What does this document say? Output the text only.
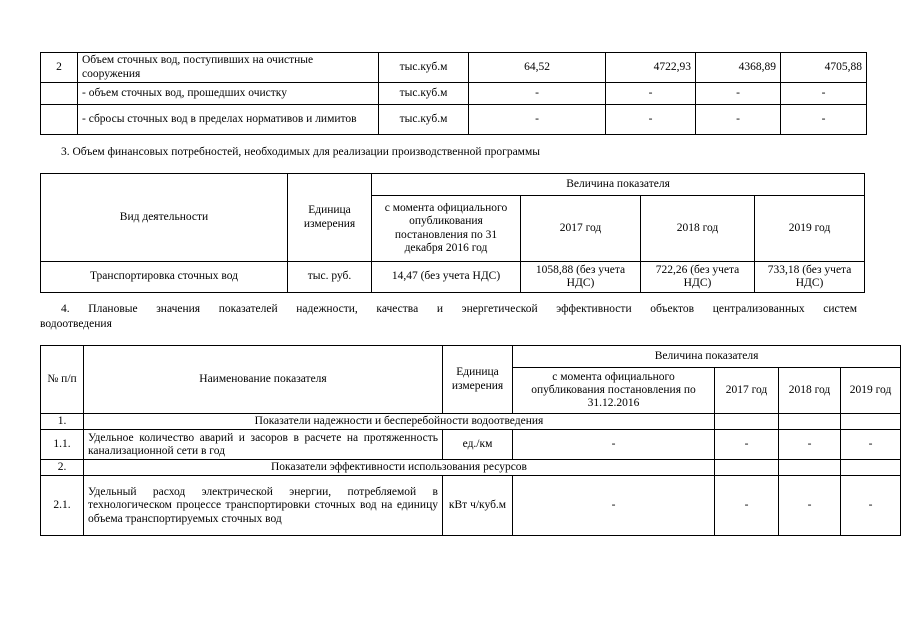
2	Объем сточных вод, поступивших на очистные сооружения	тыс.куб.м	64,52	4722,93	4368,89	4705,88
	- объем сточных вод, прошедших очистку	тыс.куб.м	-	-	-	-
	- сбросы сточных вод в пределах нормативов и лимитов	тыс.куб.м	-	-	-	-
3. Объем финансовых потребностей, необходимых для реализации производственной программы
Вид деятельности	Единица измерения	Величина показателя			
		с момента официального опубликования постановления по 31 декабря 2016 год	2017 год	2018 год	2019 год
Транспортировка сточных вод	тыс. руб.	14,47 (без учета НДС)	1058,88 (без учета НДС)	722,26 (без учета НДС)	733,18 (без учета НДС)
4. Плановые значения показателей надежности, качества и энергетической эффективности объектов централизованных систем
водоотведения
№ п/п	Наименование показателя	Единица измерения	Величина показателя			
			с момента официального опубликования постановления по 31.12.2016	2017 год	2018 год	2019 год
1.	Показатели надежности и бесперебойности водоотведения					
1.1.	Удельное количество аварий и засоров в расчете на протяженность канализационной сети в год	ед./км	-	-	-	-
2.	Показатели эффективности использования ресурсов					
2.1.	Удельный расход электрической энергии, потребляемой в технологическом процессе транспортировки сточных вод на единицу объема транспортируемых сточных вод	кВт ч/куб.м	-	-	-	-
